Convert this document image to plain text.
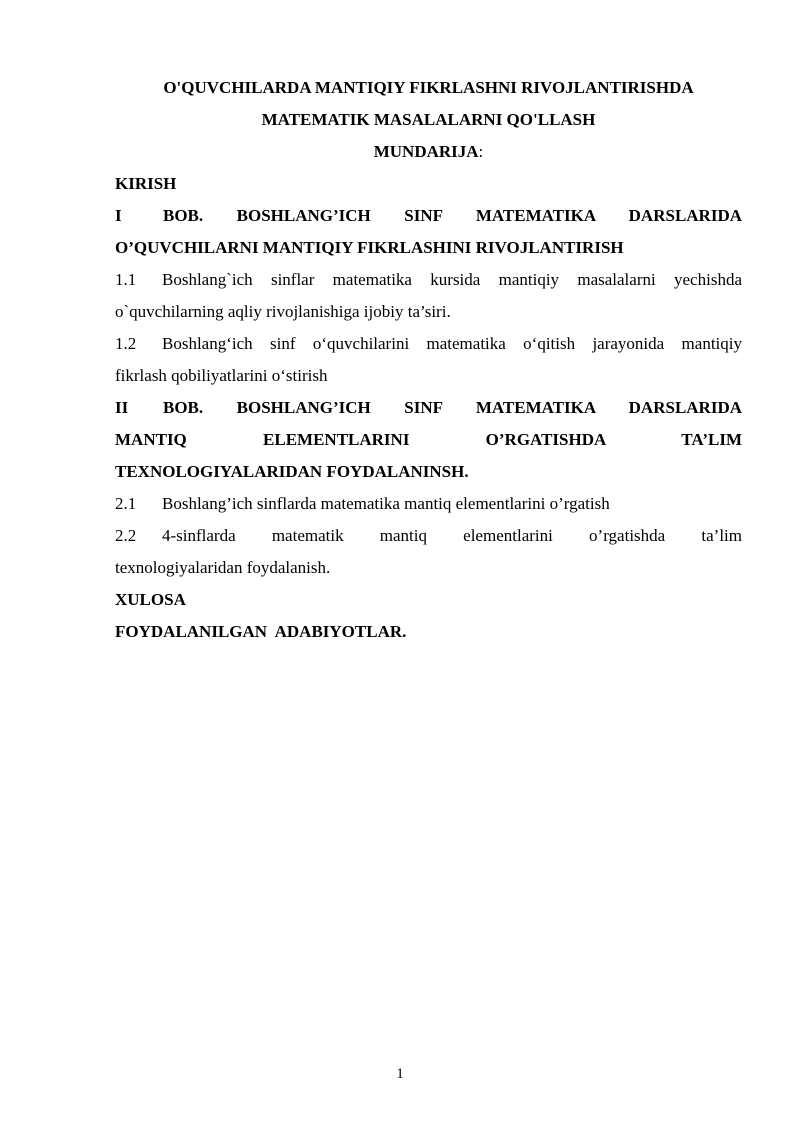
O'QUVCHILARDA MANTIQIY FIKRLASHNI RIVOJLANTIRISHDA
MATEMATIK MASALALARNI QO'LLASH
MUNDARIJA:
KIRISH
I BOB. BOSHLANG’ICH SINF MATEMATIKA DARSLARIDA
O’QUVCHILARNI MANTIQIY FIKRLASHINI RIVOJLANTIRISH
1.1 Boshlang`ich sinflar matematika kursida mantiqiy masalalarni yechishda
o`quvchilarning aqliy rivojlanishiga ijobiy ta’siri.
1.2 Boshlang‘ich sinf o‘quvchilarini matematika o‘qitish jarayonida mantiqiy
fikrlash qobiliyatlarini o‘stirish
II BOB. BOSHLANG’ICH SINF MATEMATIKA DARSLARIDA
MANTIQ ELEMENTLARINI O’RGATISHDA TA’LIM
TEXNOLOGIYALARIDAN FOYDALANINSH.
2.1 Boshlang’ich sinflarda matematika mantiq elementlarini o’rgatish
2.2 4-sinflarda matematik mantiq elementlarini o’rgatishda ta’lim
texnologiyalaridan foydalanish.
XULOSA
FOYDALANILGAN  ADABIYOTLAR.
1
